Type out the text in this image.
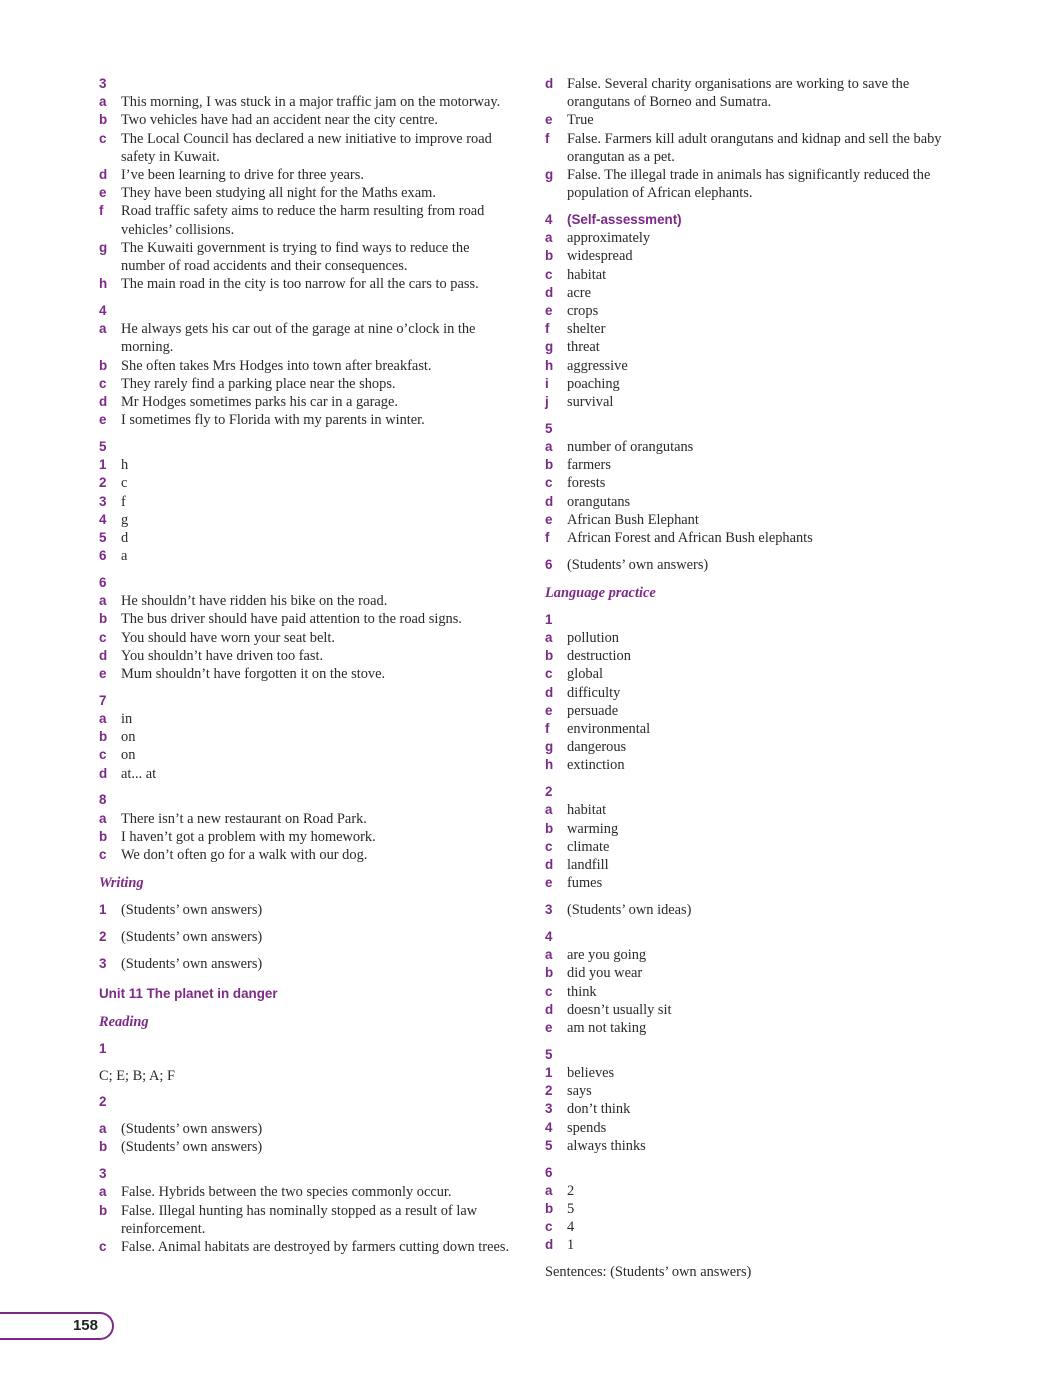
3
a	This morning, I was stuck in a major traffic jam on the motorway.
b Two vehicles have had an accident near the city centre.
c	The Local Council has declared a new initiative to improve road safety in Kuwait.
d I’ve been learning to drive for three years.
e	They have been studying all night for the Maths exam.
f	Road traffic safety aims to reduce the harm resulting from road vehicles’ collisions.
g The Kuwaiti government is trying to find ways to reduce the number of road accidents and their consequences.
h The main road in the city is too narrow for all the cars to pass.
4
a	He always gets his car out of the garage at nine o’clock in the morning.
b She often takes Mrs Hodges into town after breakfast.
c	They rarely find a parking place near the shops.
d Mr Hodges sometimes parks his car in a garage.
e	I sometimes fly to Florida with my parents in winter.
5
1	h
2	c
3	f
4	g
5	d
6	a
6
a	He shouldn’t have ridden his bike on the road.
b The bus driver should have paid attention to the road signs.
c	You should have worn your seat belt.
d You shouldn’t have driven too fast.
e	Mum shouldn’t have forgotten it on the stove.
7
a	in
b on
c	on
d at... at
8
a	There isn’t a new restaurant on Road Park.
b I haven’t got a problem with my homework.
c	We don’t often go for a walk with our dog.
Writing
1	(Students’ own answers)
2	(Students’ own answers)
3	(Students’ own answers)
Unit 11 The planet in danger
Reading
1
C; E; B; A; F
2
a	(Students’ own answers)
b (Students’ own answers)
3
a	False. Hybrids between the two species commonly occur.
b False. Illegal hunting has nominally stopped as a result of law reinforcement.
c	False. Animal habitats are destroyed by farmers cutting down trees.
d False. Several charity organisations are working to save the orangutans of Borneo and Sumatra.
e	True
f	False. Farmers kill adult orangutans and kidnap and sell the baby orangutan as a pet.
g False. The illegal trade in animals has significantly reduced the population of African elephants.
4	(Self-assessment)
a	approximately
b widespread
c	habitat
d acre
e	crops
f	shelter
g threat
h aggressive
i	poaching
j	survival
5
a	number of orangutans
b farmers
c	forests
d orangutans
e	African Bush Elephant
f	African Forest and African Bush elephants
6	(Students’ own answers)
Language practice
1
a	pollution
b destruction
c	global
d difficulty
e	persuade
f	environmental
g dangerous
h extinction
2
a	habitat
b warming
c	climate
d landfill
e	fumes
3	(Students’ own ideas)
4
a	are you going
b did you wear
c	think
d doesn’t usually sit
e	am not taking
5
1	believes
2	says
3	don’t think
4	spends
5	always thinks
6
a	2
b 5
c	4
d 1
Sentences: (Students’ own answers)
158
